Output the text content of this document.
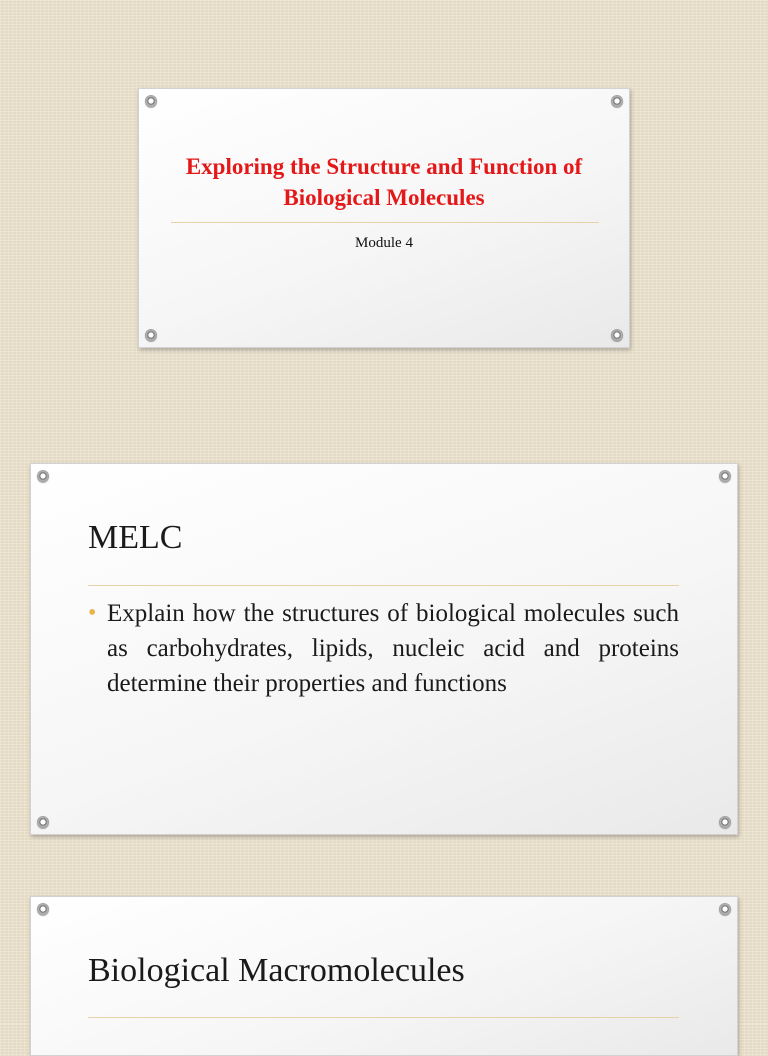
Exploring the Structure and Function of Biological Molecules
Module 4
MELC
• Explain how the structures of biological molecules such as carbohydrates, lipids, nucleic acid and proteins determine their properties and functions
Biological Macromolecules
